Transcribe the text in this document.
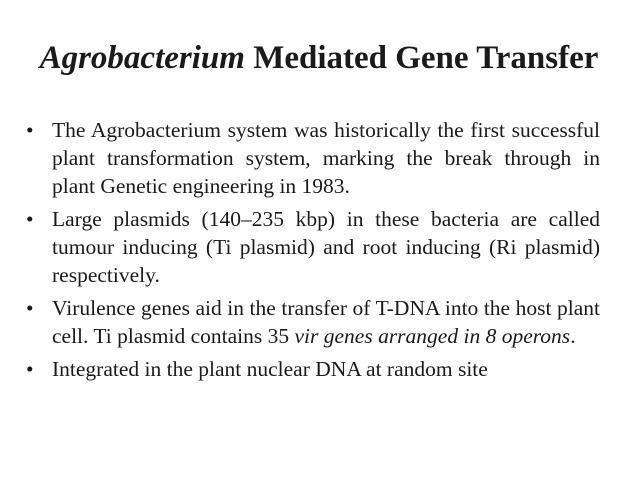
Agrobacterium Mediated Gene Transfer
• The Agrobacterium system was historically the first successful plant transformation system, marking the break through in plant Genetic engineering in 1983.
• Large plasmids (140–235 kbp) in these bacteria are called tumour inducing (Ti plasmid) and root inducing (Ri plasmid) respectively.
• Virulence genes aid in the transfer of T-DNA into the host plant cell. Ti plasmid contains 35 vir genes arranged in 8 operons.
• Integrated in the plant nuclear DNA at random site
